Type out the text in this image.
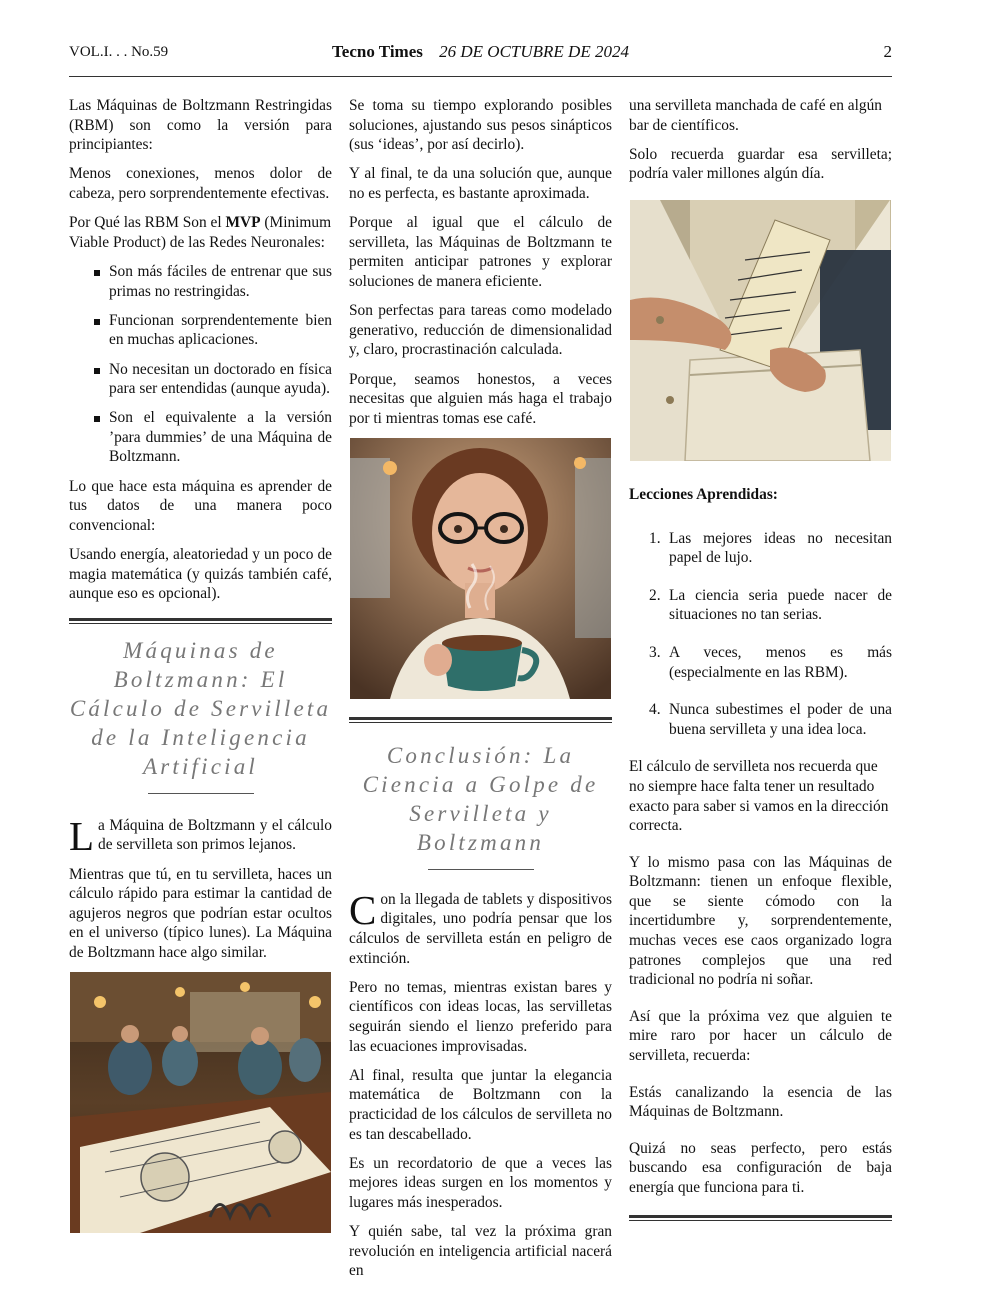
VOL.I. . . No.59	Tecno Times 26 DE OCTUBRE DE 2024	2

Las Máquinas de Boltzmann Restringidas (RBM) son como la versión para principiantes:

Menos conexiones, menos dolor de cabeza, pero sorprendentemente efectivas.

Por Qué las RBM Son el MVP (Minimum Viable Product) de las Redes Neuronales:

Son más fáciles de entrenar que sus primas no restringidas.
Funcionan sorprendentemente bien en muchas aplicaciones.
No necesitan un doctorado en física para ser entendidas (aunque ayuda).
Son el equivalente a la versión ’para dummies’ de una Máquina de Boltzmann.

Lo que hace esta máquina es aprender de tus datos de una manera poco convencional:

Usando energía, aleatoriedad y un poco de magia matemática (y quizás también café, aunque eso es opcional).

Máquinas de Boltzmann: El Cálculo de Servilleta de la Inteligencia Artificial

La Máquina de Boltzmann y el cálculo de servilleta son primos lejanos.

Mientras que tú, en tu servilleta, haces un cálculo rápido para estimar la cantidad de agujeros negros que podrían estar ocultos en el universo (típico lunes). La Máquina de Boltzmann hace algo similar.

Se toma su tiempo explorando posibles soluciones, ajustando sus pesos sinápticos (sus ‘ideas’, por así decirlo).

Y al final, te da una solución que, aunque no es perfecta, es bastante aproximada.

Porque al igual que el cálculo de servilleta, las Máquinas de Boltzmann te permiten anticipar patrones y explorar soluciones de manera eficiente.

Son perfectas para tareas como modelado generativo, reducción de dimensionalidad y, claro, procrastinación calculada.

Porque, seamos honestos, a veces necesitas que alguien más haga el trabajo por ti mientras tomas ese café.

Conclusión: La Ciencia a Golpe de Servilleta y Boltzmann

Con la llegada de tablets y dispositivos digitales, uno podría pensar que los cálculos de servilleta están en peligro de extinción.

Pero no temas, mientras existan bares y científicos con ideas locas, las servilletas seguirán siendo el lienzo preferido para las ecuaciones improvisadas.

Al final, resulta que juntar la elegancia matemática de Boltzmann con la practicidad de los cálculos de servilleta no es tan descabellado.

Es un recordatorio de que a veces las mejores ideas surgen en los momentos y lugares más inesperados.

Y quién sabe, tal vez la próxima gran revolución en inteligencia artificial nacerá en

una servilleta manchada de café en algún bar de científicos.

Solo recuerda guardar esa servilleta; podría valer millones algún día.

Lecciones Aprendidas:

1. Las mejores ideas no necesitan papel de lujo.
2. La ciencia seria puede nacer de situaciones no tan serias.
3. A veces, menos es más (especialmente en las RBM).
4. Nunca subestimes el poder de una buena servilleta y una idea loca.

El cálculo de servilleta nos recuerda que no siempre hace falta tener un resultado exacto para saber si vamos en la dirección correcta.

Y lo mismo pasa con las Máquinas de Boltzmann: tienen un enfoque flexible, que se siente cómodo con la incertidumbre y, sorprendentemente, muchas veces ese caos organizado logra patrones complejos que una red tradicional no podría ni soñar.

Así que la próxima vez que alguien te mire raro por hacer un cálculo de servilleta, recuerda:

Estás canalizando la esencia de las Máquinas de Boltzmann.

Quizá no seas perfecto, pero estás buscando esa configuración de baja energía que funciona para ti.
